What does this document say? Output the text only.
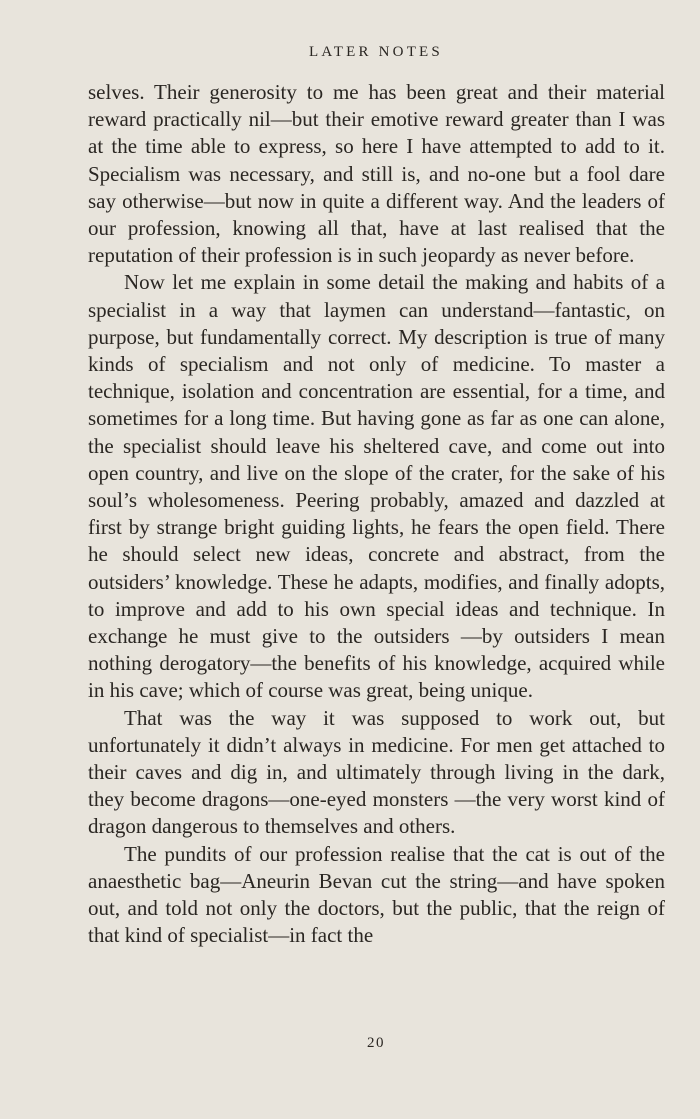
LATER NOTES

selves. Their generosity to me has been great and their material reward practically nil—but their emotive reward greater than I was at the time able to express, so here I have attempted to add to it. Specialism was necessary, and still is, and no-one but a fool dare say otherwise—but now in quite a different way. And the leaders of our profession, knowing all that, have at last realised that the reputation of their profession is in such jeopardy as never before.

Now let me explain in some detail the making and habits of a specialist in a way that laymen can understand—fantastic, on purpose, but fundamentally correct. My description is true of many kinds of specialism and not only of medicine. To master a technique, isolation and concentration are essential, for a time, and sometimes for a long time. But having gone as far as one can alone, the specialist should leave his sheltered cave, and come out into open country, and live on the slope of the crater, for the sake of his soul’s wholesomeness. Peering probably, amazed and dazzled at first by strange bright guiding lights, he fears the open field. There he should select new ideas, concrete and abstract, from the outsiders’ knowledge. These he adapts, modifies, and finally adopts, to improve and add to his own special ideas and technique. In exchange he must give to the outsiders —by outsiders I mean nothing derogatory—the benefits of his knowledge, acquired while in his cave; which of course was great, being unique.

That was the way it was supposed to work out, but unfortunately it didn’t always in medicine. For men get attached to their caves and dig in, and ultimately through living in the dark, they become dragons—one-eyed monsters —the very worst kind of dragon dangerous to themselves and others.

The pundits of our profession realise that the cat is out of the anaesthetic bag—Aneurin Bevan cut the string—and have spoken out, and told not only the doctors, but the public, that the reign of that kind of specialist—in fact the

20
